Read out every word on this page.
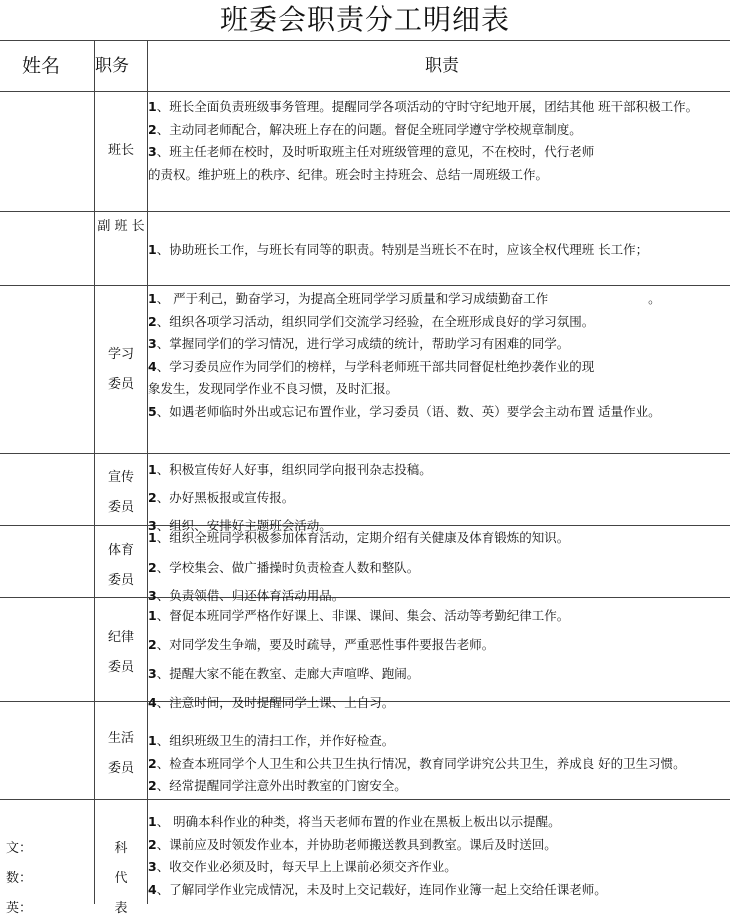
班委会职责分工明细表
姓名 职务	职责
班长
1、班长全面负责班级事务管理。提醒同学各项活动的守时守纪地开展，团结其他 班干部积极工作。
2、主动同老师配合，解决班上存在的问题。督促全班同学遵守学校规章制度。
3、班主任老师在校时，及时听取班主任对班级管理的意见，不在校时，代行老师
的责权。维护班上的秩序、纪律。班会时主持班会、总结一周班级工作。
副 班 长
1、协助班长工作，与班长有同等的职责。特别是当班长不在时，应该全权代理班 长工作；
学习
委员
1、 严于利己，勤奋学习，为提高全班同学学习质量和学习成绩勤奋工作　　　　　　　　。
2、组织各项学习活动，组织同学们交流学习经验，在全班形成良好的学习氛围。
3、掌握同学们的学习情况，进行学习成绩的统计，帮助学习有困难的同学。
4、学习委员应作为同学们的榜样，与学科老师班干部共同督促杜绝抄袭作业的现
象发生，发现同学作业不良习惯，及时汇报。
5、如遇老师临时外出或忘记布置作业，学习委员（语、数、英）要学会主动布置 适量作业。
宣传
委员
1、积极宣传好人好事，组织同学向报刊杂志投稿。
2、办好黑板报或宣传报。
3、组织、安排好主题班会活动。
体育
委员
1、组织全班同学积极参加体育活动，定期介绍有关健康及体育锻炼的知识。
2、学校集会、做广播操时负责检查人数和整队。
3、负责领借、归还体育活动用品。
纪律
委员
1、督促本班同学严格作好课上、非课、课间、集会、活动等考勤纪律工作。
2、对同学发生争端，要及时疏导，严重恶性事件要报告老师。
3、提醒大家不能在教室、走廊大声喧哗、跑闹。
4、注意时间，及时提醒同学上课、上自习。
生活
委员
1、组织班级卫生的清扫工作，并作好检查。
2、检查本班同学个人卫生和公共卫生执行情况，教育同学讲究公共卫生，养成良 好的卫生习惯。
2、经常提醒同学注意外出时教室的门窗安全。
文：
数：
英：
科
代
表
1、 明确本科作业的种类，将当天老师布置的作业在黑板上板出以示提醒。
2、课前应及时领发作业本，并协助老师搬送教具到教室。课后及时送回。
3、收交作业必须及时，每天早上上课前必须交齐作业。
4、了解同学作业完成情况，未及时上交记载好，连同作业簿一起上交给任课老师。
